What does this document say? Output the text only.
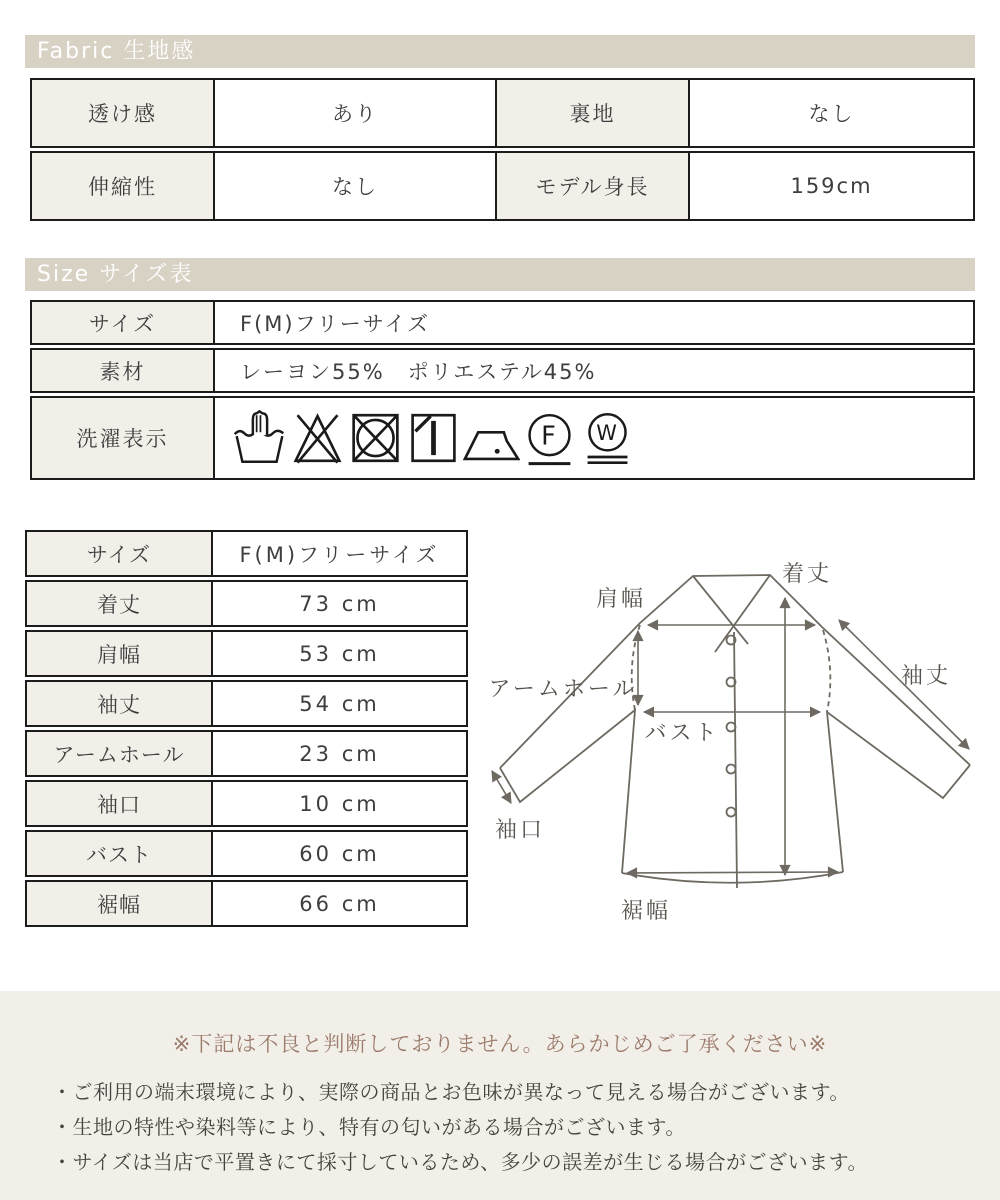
Fabric 生地感
透け感	あり	裏地	なし
伸縮性	なし	モデル身長	159cm
Size サイズ表
サイズ	F(M)フリーサイズ
素材	レーヨン55%　ポリエステル45%
洗濯表示	F W
サイズ	F(M)フリーサイズ
着丈	73 cm
肩幅	53 cm
袖丈	54 cm
アームホール	23 cm
袖口	10 cm
バスト	60 cm
裾幅	66 cm
肩幅
着丈
袖丈
アームホール
バスト
袖口
裾幅
※下記は不良と判断しておりません。あらかじめご了承ください※
・ご利用の端末環境により、実際の商品とお色味が異なって見える場合がございます。
・生地の特性や染料等により、特有の匂いがある場合がございます。
・サイズは当店で平置きにて採寸しているため、多少の誤差が生じる場合がございます。
